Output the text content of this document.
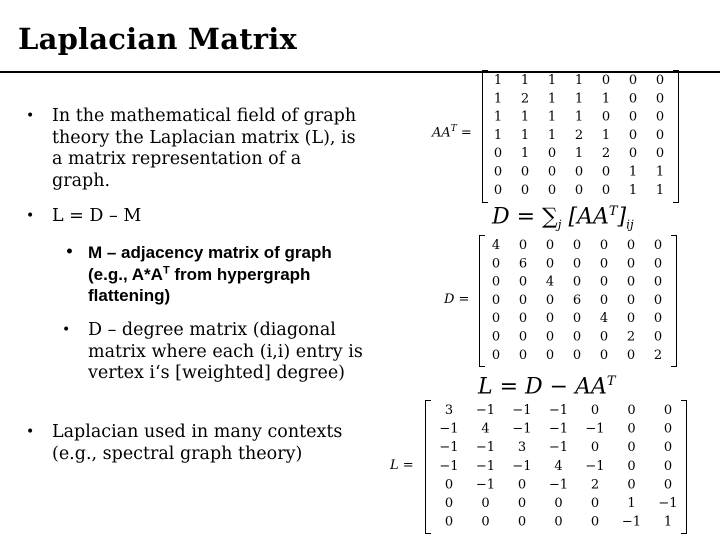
Laplacian Matrix
• In the mathematical field of graph theory the Laplacian matrix (L), is a matrix representation of a graph.
• L = D – M
• M – adjacency matrix of graph (e.g., $A*A^T$ from hypergraph flattening)
• D – degree matrix (diagonal matrix where each (i,i) entry is vertex i‘s [weighted] degree)
• Laplacian used in many contexts (e.g., spectral graph theory)
$AA^T$ =
1 1 1 1 0 0 0
1 2 1 1 1 0 0
1 1 1 1 0 0 0
1 1 1 2 1 0 0
0 1 0 1 2 0 0
0 0 0 0 0 1 1
0 0 0 0 0 1 1
$D = \sum_j$ $[AA^T]_{ij}$
D =
4 0 0 0 0 0 0
0 6 0 0 0 0 0
0 0 4 0 0 0 0
0 0 0 6 0 0 0
0 0 0 0 4 0 0
0 0 0 0 0 2 0
0 0 0 0 0 0 2
$L = D - AA^T$
L =
3 −1 −1 −1 0 0 0
−1 4 −1 −1 −1 0 0
−1 −1 3 −1 0 0 0
−1 −1 −1 4 −1 0 0
0 −1 0 −1 2 0 0
0 0 0 0 0 1 −1
0 0 0 0 0 −1 1
